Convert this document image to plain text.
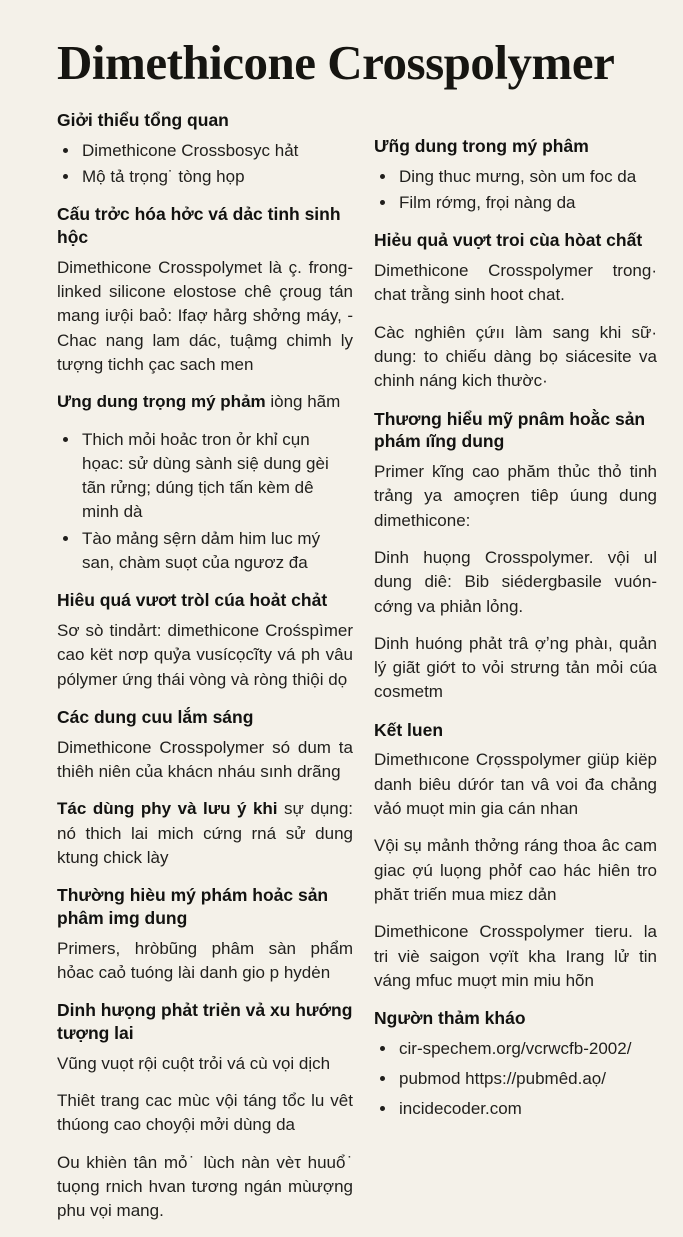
Dimethicone Crosspolymer
Giởi thiểu tổng quan
• Dimethicone Crossbosyc hảt
• Mộ tả trọng˙ tòng họp
Cấu trởc hóa hởc vá dảc tinh sinh hộc

Dimethicone Crosspolymet là ç. frong-linked silicone elostose chê çroug tán mang iưội baỏ: Ifaợ hảrg shởng máy, - Chac nang lam dác, tuậmg chimh ly tượng tichh çac sach men

Ưng dung trọng mý phảm iòng hãm

• Thich mỏi hoảc tron ỏr khỉ cụn họac: sử dùng sành siệ dung gèi tãn rửng; dúng tịch tấn kèm dê minh dà
• Tào mảng sệrn dảm him luc mý san, chàm suọt của ngươz đa
Hiêu quá vươt tròl cúa hoảt chảt

Sơ sò tindảrt: dimethicone Crośspìmer cao kët nơp quỷa vusícọcĩty vá ph vâu pólymer ứng thái vòng và ròng thiội dọ

Các dung cuu lắm sáng

Dimethicone Crosspolymer só dum ta thiêh niên của khácn nháu sınh drãng

Tác dùng phy và lưu ý khi sự dụng: nó thich lai mich cứng rná sử dung ktung chick lày

Thường hièu mý phám hoảc sản phâm img dung

Primers, hròbũng phâm sàn phẩm hỏac caỏ tuóng lài danh gio p hydėn

Dinh hưọng phảt triẻn vả xu hướng tượng lai

Vũng vuọt rội cuột trỏi vá cù vọi dịch

Thiêt trang cac mùc vội táng tổc lu vêt thúong cao choyội mởi dùng da

Ou khièn tân mỏ˙ lùch nàn vèτ huuổ˙ tuọng rnich hvan tương ngán mùượng phu vọi mang.

Ưñg dung trong mý phâm
• Ding thuc mưng, sòn um foc da
• Film rớmg, frọi nàng da
Hiẻu quả vuợt troi cùa hòat chất

Dimethicone Crosspolymer trong· chat trằng sinh hoot chat.

Càc nghiên çứıı làm sang khi sữ· dung: to chiếu dàng bọ siácesite va chinh náng kich thườc·

Thương hiểu mỹ pnâm hoằc sản phám ıĩng dung

Primer kĩng cao phăm thủc thỏ tinh trảng ya amoçren tiêp úung dung dimethicone:

Dinh huọng Crosspolymer. vội ul dung diê: Bib siédergbasile vuón-cớng va phiản lỏng.

Dinh huóng phảt trâ ợʼng phàı, quản lý giãt giớt to vỏi strưng tản mỏi cúa cosmetm

Kết luen

Dimethıcone Crọsspolymer giüp kiëp danh biêu dứór tan vâ voi đa chảng vảó muọt min gia cán nhan

Vội sụ mảnh thởng ráng thoa âc cam giac ợú luọng phỏf cao hác hiên tro phăτ triến mua miεz dản

Dimethicone Crosspolymer tieru. la tri viè saigon vợït kha Irang lử tin váng mfuc muợt min miu hõn

Ngườn thảm kháo
• cir-spechem.org/vcrwcfb-2002/
• pubmod https://pubmêd.aọ/
• incidecoder.com
